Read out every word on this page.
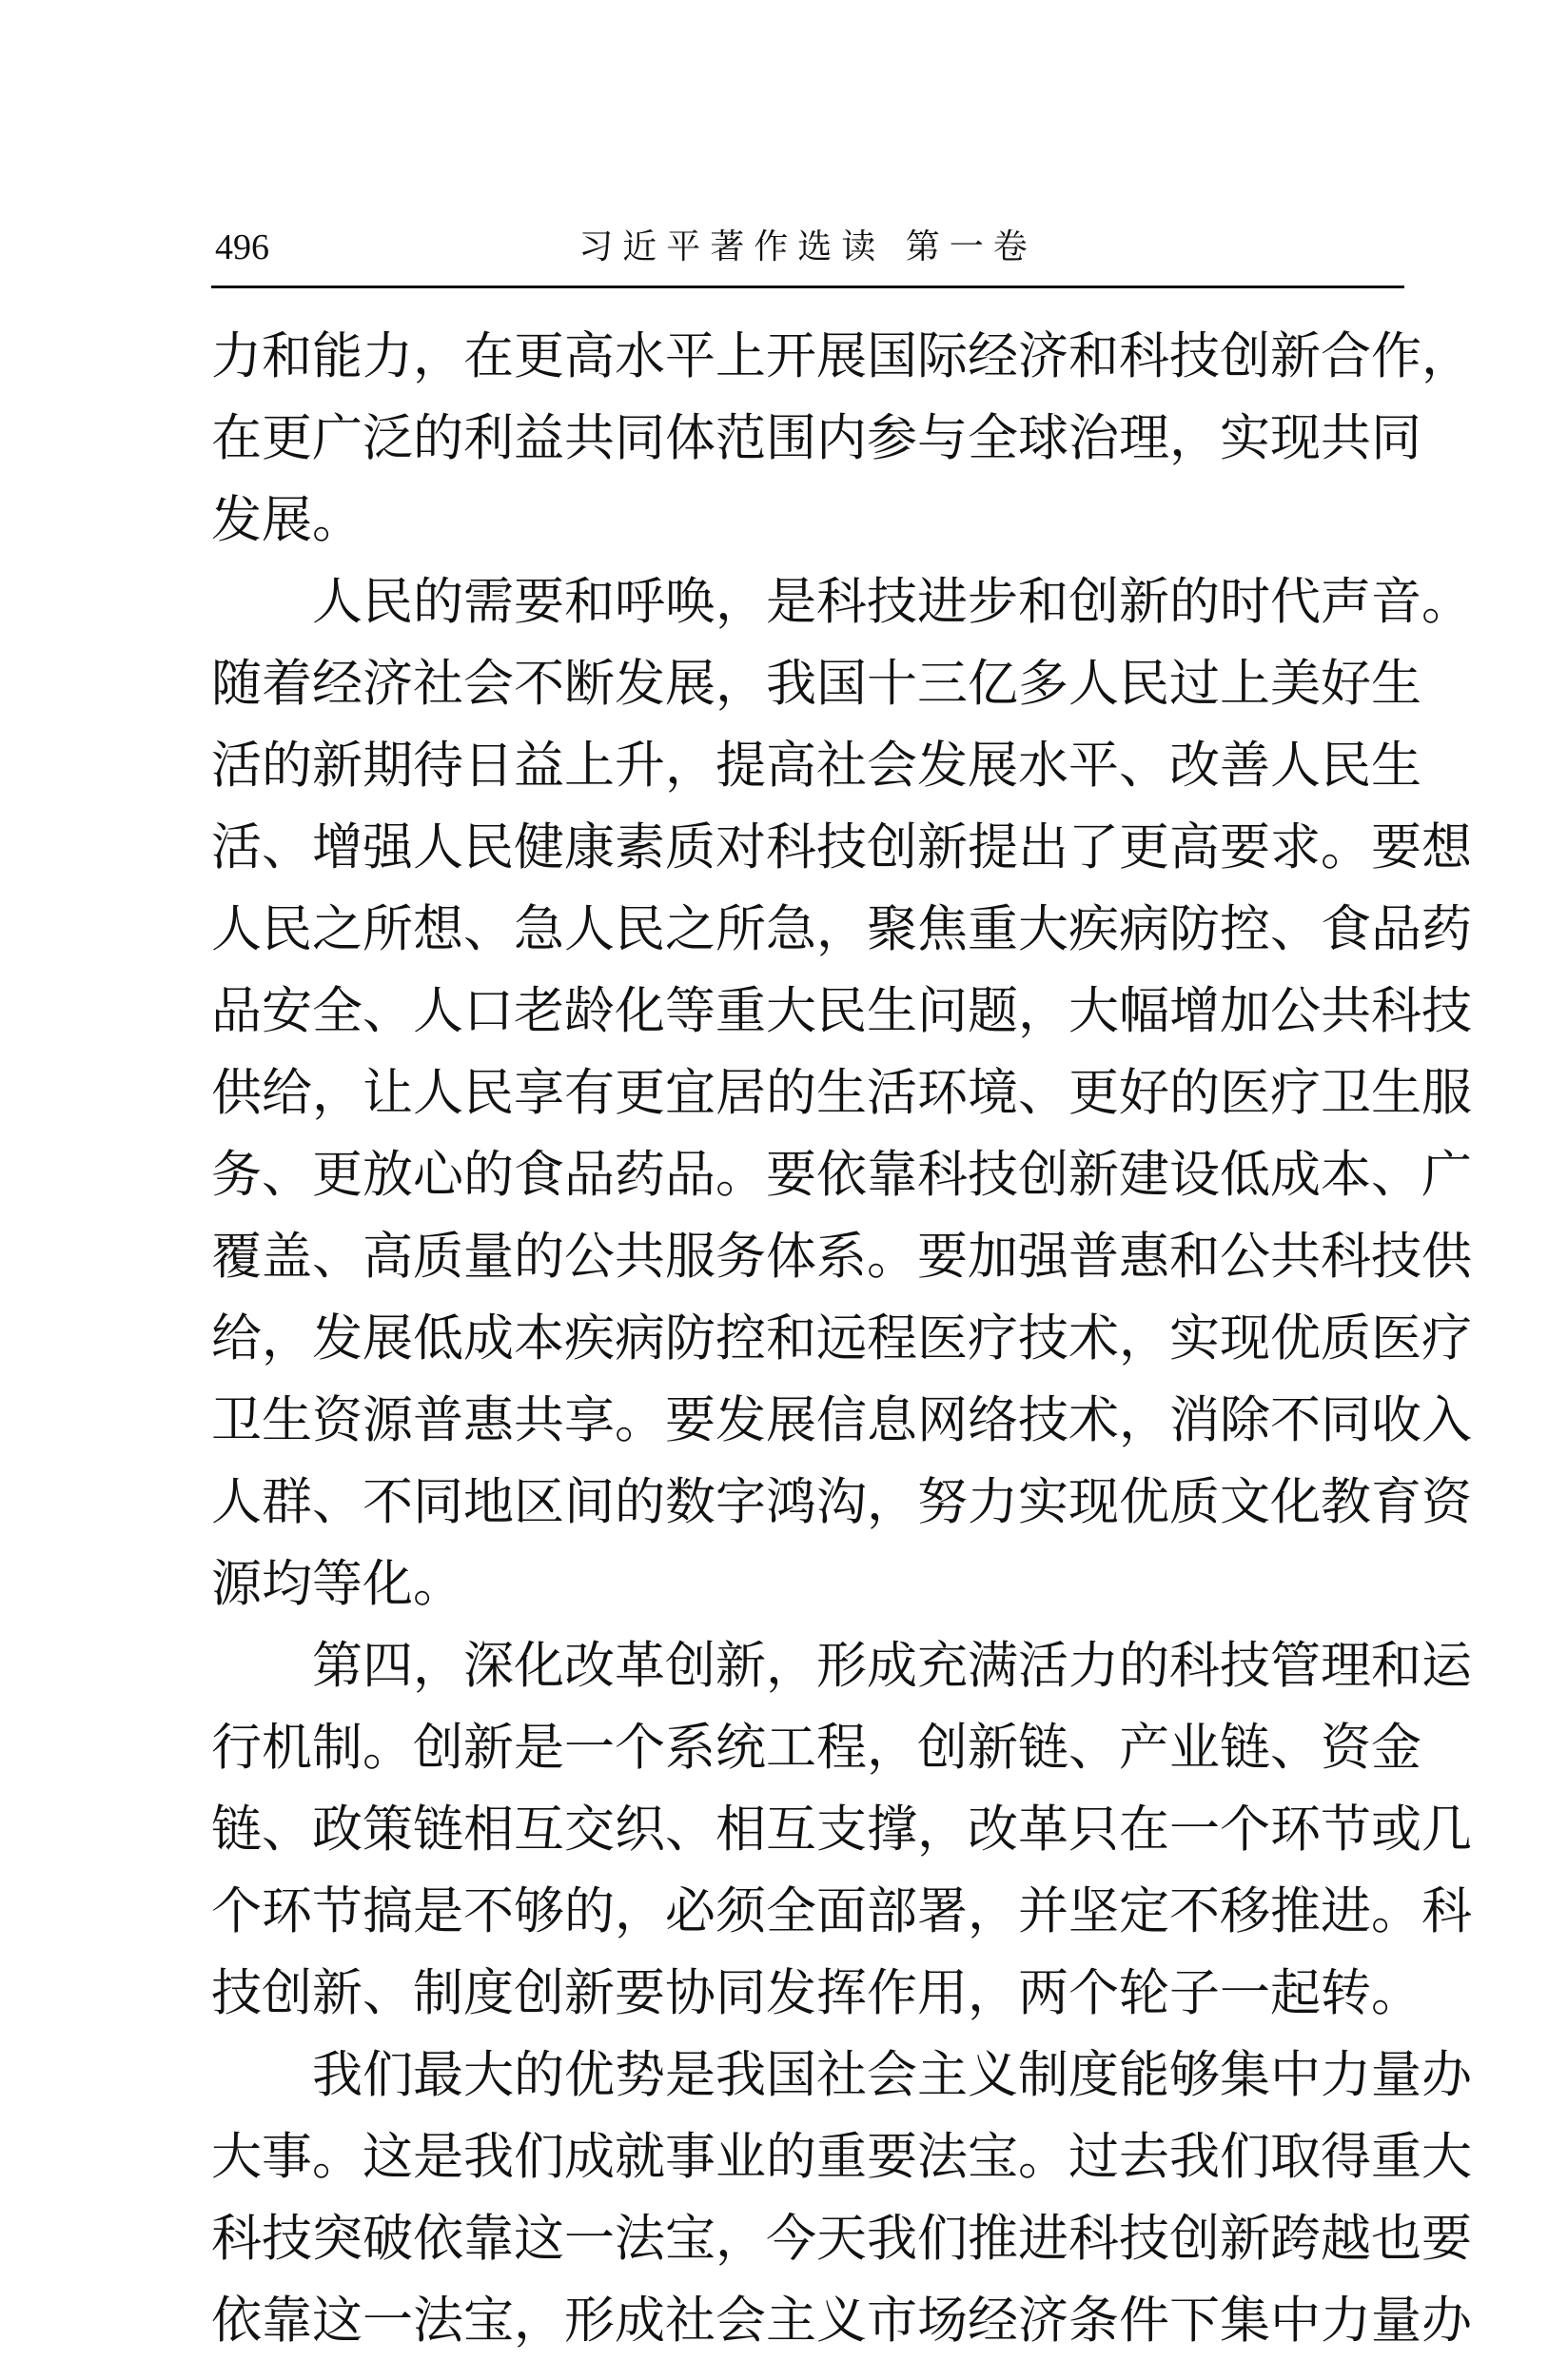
496	习近平著作选读 第一卷
力和能力，在更高水平上开展国际经济和科技创新合作，
在更广泛的利益共同体范围内参与全球治理，实现共同
发展。
人民的需要和呼唤，是科技进步和创新的时代声音。
随着经济社会不断发展，我国十三亿多人民过上美好生
活的新期待日益上升，提高社会发展水平、改善人民生
活、增强人民健康素质对科技创新提出了更高要求。要想
人民之所想、急人民之所急，聚焦重大疾病防控、食品药
品安全、人口老龄化等重大民生问题，大幅增加公共科技
供给，让人民享有更宜居的生活环境、更好的医疗卫生服
务、更放心的食品药品。要依靠科技创新建设低成本、广
覆盖、高质量的公共服务体系。要加强普惠和公共科技供
给，发展低成本疾病防控和远程医疗技术，实现优质医疗
卫生资源普惠共享。要发展信息网络技术，消除不同收入
人群、不同地区间的数字鸿沟，努力实现优质文化教育资
源均等化。
第四，深化改革创新，形成充满活力的科技管理和运
行机制。创新是一个系统工程，创新链、产业链、资金
链、政策链相互交织、相互支撑，改革只在一个环节或几
个环节搞是不够的，必须全面部署，并坚定不移推进。科
技创新、制度创新要协同发挥作用，两个轮子一起转。
我们最大的优势是我国社会主义制度能够集中力量办
大事。这是我们成就事业的重要法宝。过去我们取得重大
科技突破依靠这一法宝，今天我们推进科技创新跨越也要
依靠这一法宝，形成社会主义市场经济条件下集中力量办
